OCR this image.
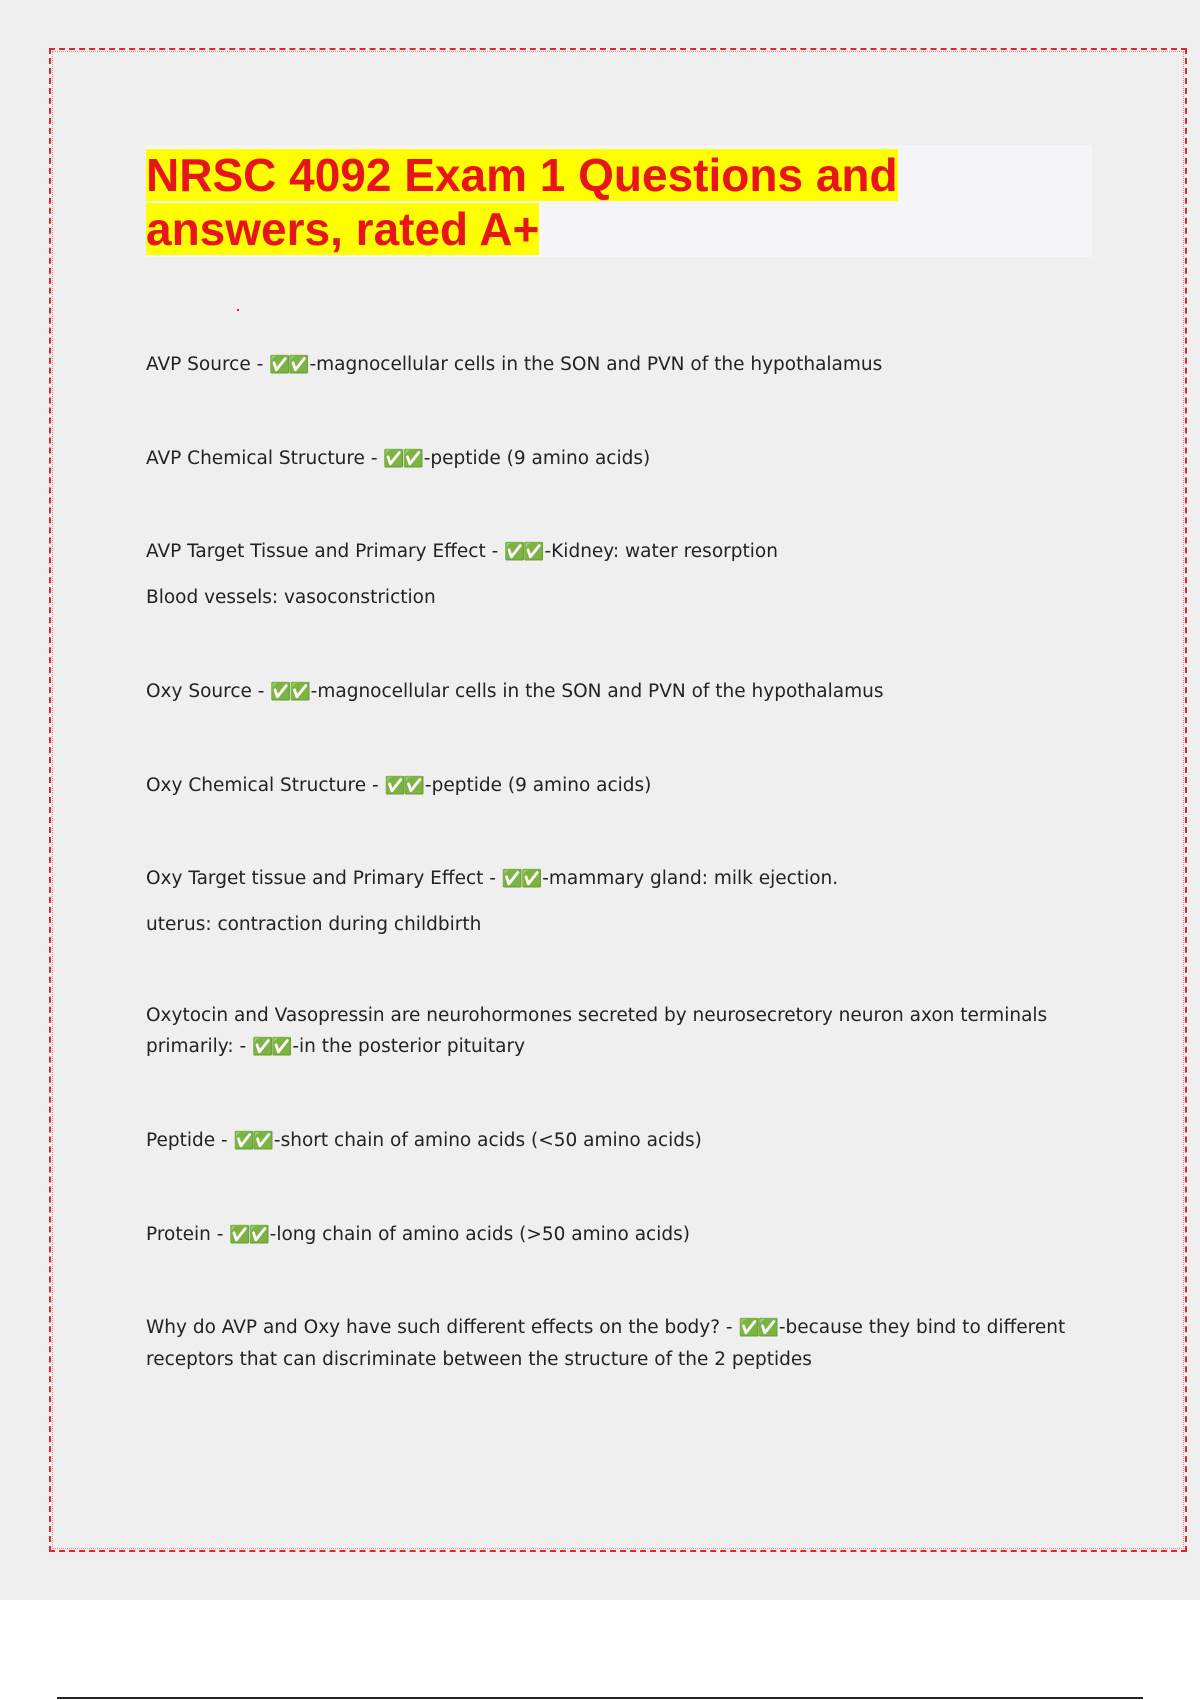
NRSC 4092 Exam 1 Questions and answers, rated A+

AVP Source - ✅✅ -magnocellular cells in the SON and PVN of the hypothalamus

AVP Chemical Structure - ✅✅ -peptide (9 amino acids)

AVP Target Tissue and Primary Effect - ✅✅ -Kidney: water resorption

Blood vessels: vasoconstriction

Oxy Source - ✅✅ -magnocellular cells in the SON and PVN of the hypothalamus

Oxy Chemical Structure - ✅✅ -peptide (9 amino acids)

Oxy Target tissue and Primary Effect - ✅✅ -mammary gland: milk ejection.

uterus: contraction during childbirth

Oxytocin and Vasopressin are neurohormones secreted by neurosecretory neuron axon terminals primarily: - ✅✅ -in the posterior pituitary

Peptide - ✅✅ -short chain of amino acids (<50 amino acids)

Protein - ✅✅ -long chain of amino acids (>50 amino acids)

Why do AVP and Oxy have such different effects on the body? - ✅✅ -because they bind to different receptors that can discriminate between the structure of the 2 peptides
